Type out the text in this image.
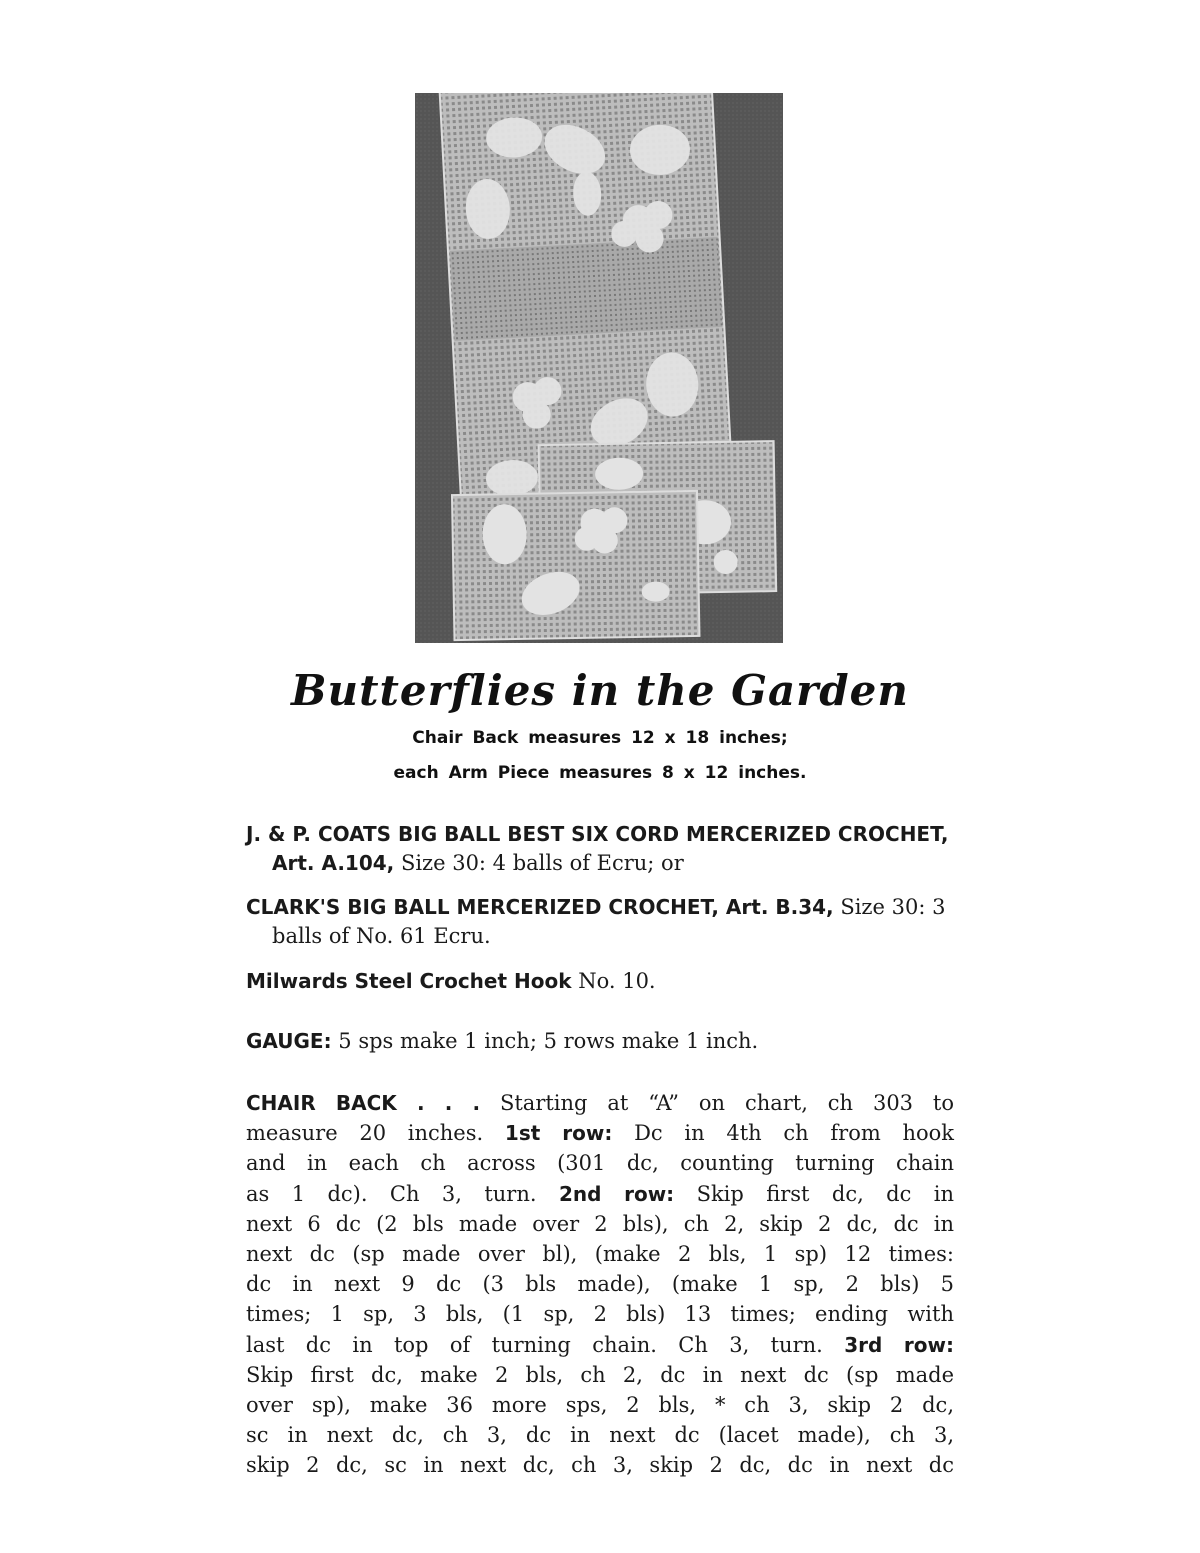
Butterflies in the Garden
Chair Back measures 12 x 18 inches;
each Arm Piece measures 8 x 12 inches.
J. & P. COATS BIG BALL BEST SIX CORD MERCERIZED CROCHET, Art. A.104, Size 30: 4 balls of Ecru; or
CLARK'S BIG BALL MERCERIZED CROCHET, Art. B.34, Size 30: 3 balls of No. 61 Ecru.
Milwards Steel Crochet Hook No. 10.
GAUGE: 5 sps make 1 inch; 5 rows make 1 inch.
CHAIR BACK . . . Starting at “A” on chart, ch 303 to
measure 20 inches. 1st row: Dc in 4th ch from hook
and in each ch across (301 dc, counting turning chain
as 1 dc). Ch 3, turn. 2nd row: Skip first dc, dc in
next 6 dc (2 bls made over 2 bls), ch 2, skip 2 dc, dc in
next dc (sp made over bl), (make 2 bls, 1 sp) 12 times:
dc in next 9 dc (3 bls made), (make 1 sp, 2 bls) 5
times; 1 sp, 3 bls, (1 sp, 2 bls) 13 times; ending with
last dc in top of turning chain. Ch 3, turn. 3rd row:
Skip first dc, make 2 bls, ch 2, dc in next dc (sp made
over sp), make 36 more sps, 2 bls, * ch 3, skip 2 dc,
sc in next dc, ch 3, dc in next dc (lacet made), ch 3,
skip 2 dc, sc in next dc, ch 3, skip 2 dc, dc in next dc
